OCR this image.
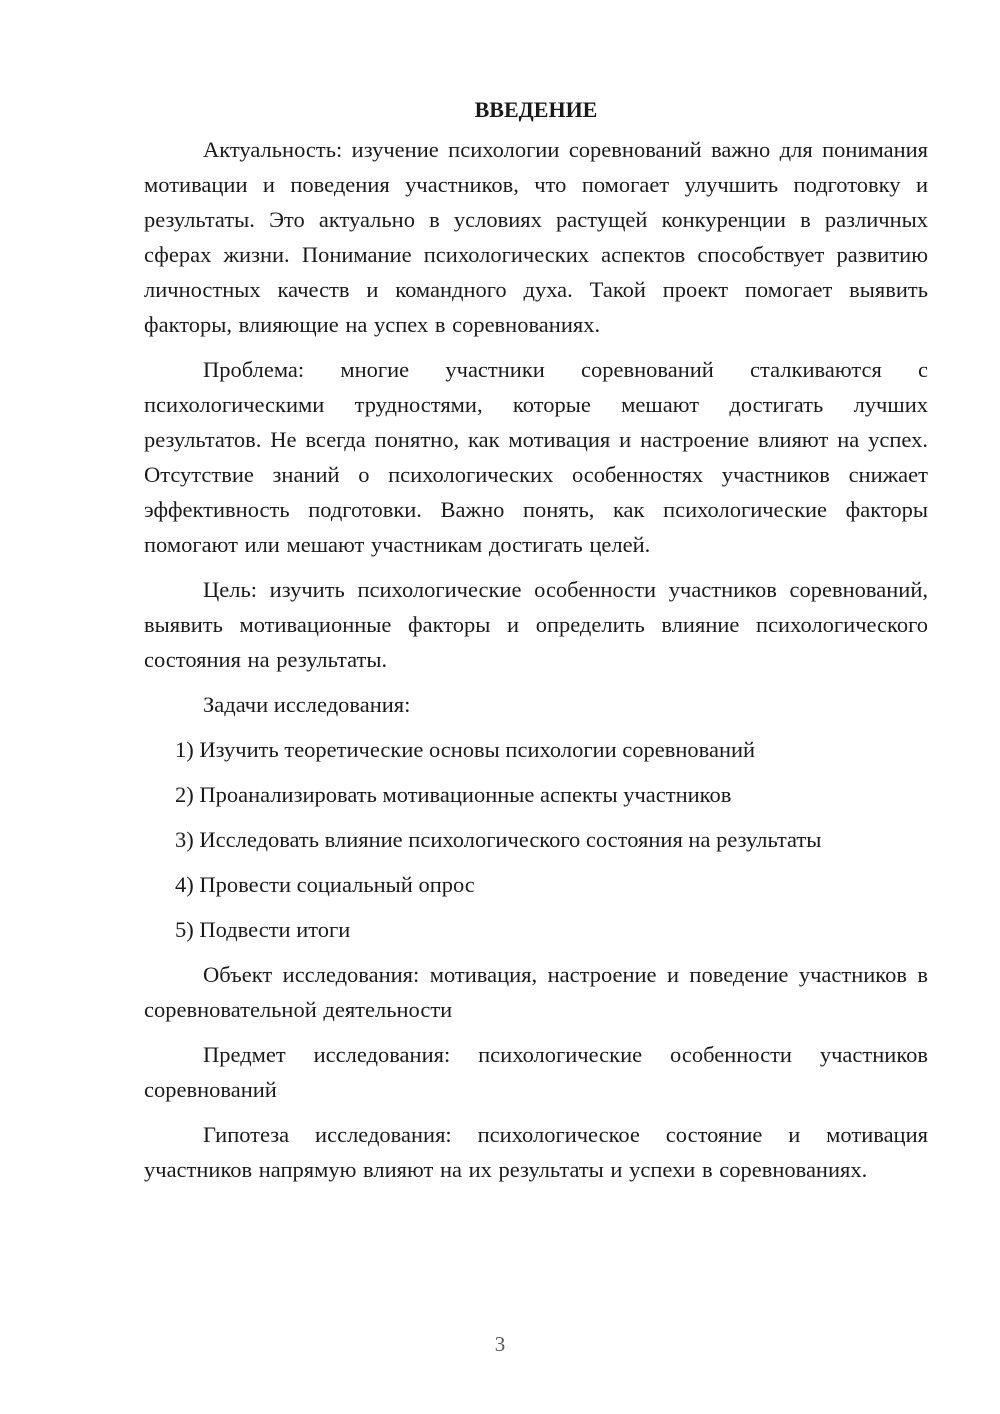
ВВЕДЕНИЕ

Актуальность: изучение психологии соревнований важно для понимания мотивации и поведения участников, что помогает улучшить подготовку и результаты. Это актуально в условиях растущей конкуренции в различных сферах жизни. Понимание психологических аспектов способствует развитию личностных качеств и командного духа. Такой проект помогает выявить факторы, влияющие на успех в соревнованиях.

Проблема: многие участники соревнований сталкиваются с психологическими трудностями, которые мешают достигать лучших результатов. Не всегда понятно, как мотивация и настроение влияют на успех. Отсутствие знаний о психологических особенностях участников снижает эффективность подготовки. Важно понять, как психологические факторы помогают или мешают участникам достигать целей.

Цель: изучить психологические особенности участников соревнований, выявить мотивационные факторы и определить влияние психологического состояния на результаты.

Задачи исследования:

1) Изучить теоретические основы психологии соревнований
2) Проанализировать мотивационные аспекты участников
3) Исследовать влияние психологического состояния на результаты
4) Провести социальный опрос
5) Подвести итоги

Объект исследования: мотивация, настроение и поведение участников в соревновательной деятельности

Предмет исследования: психологические особенности участников соревнований

Гипотеза исследования: психологическое состояние и мотивация участников напрямую влияют на их результаты и успехи в соревнованиях.

3
